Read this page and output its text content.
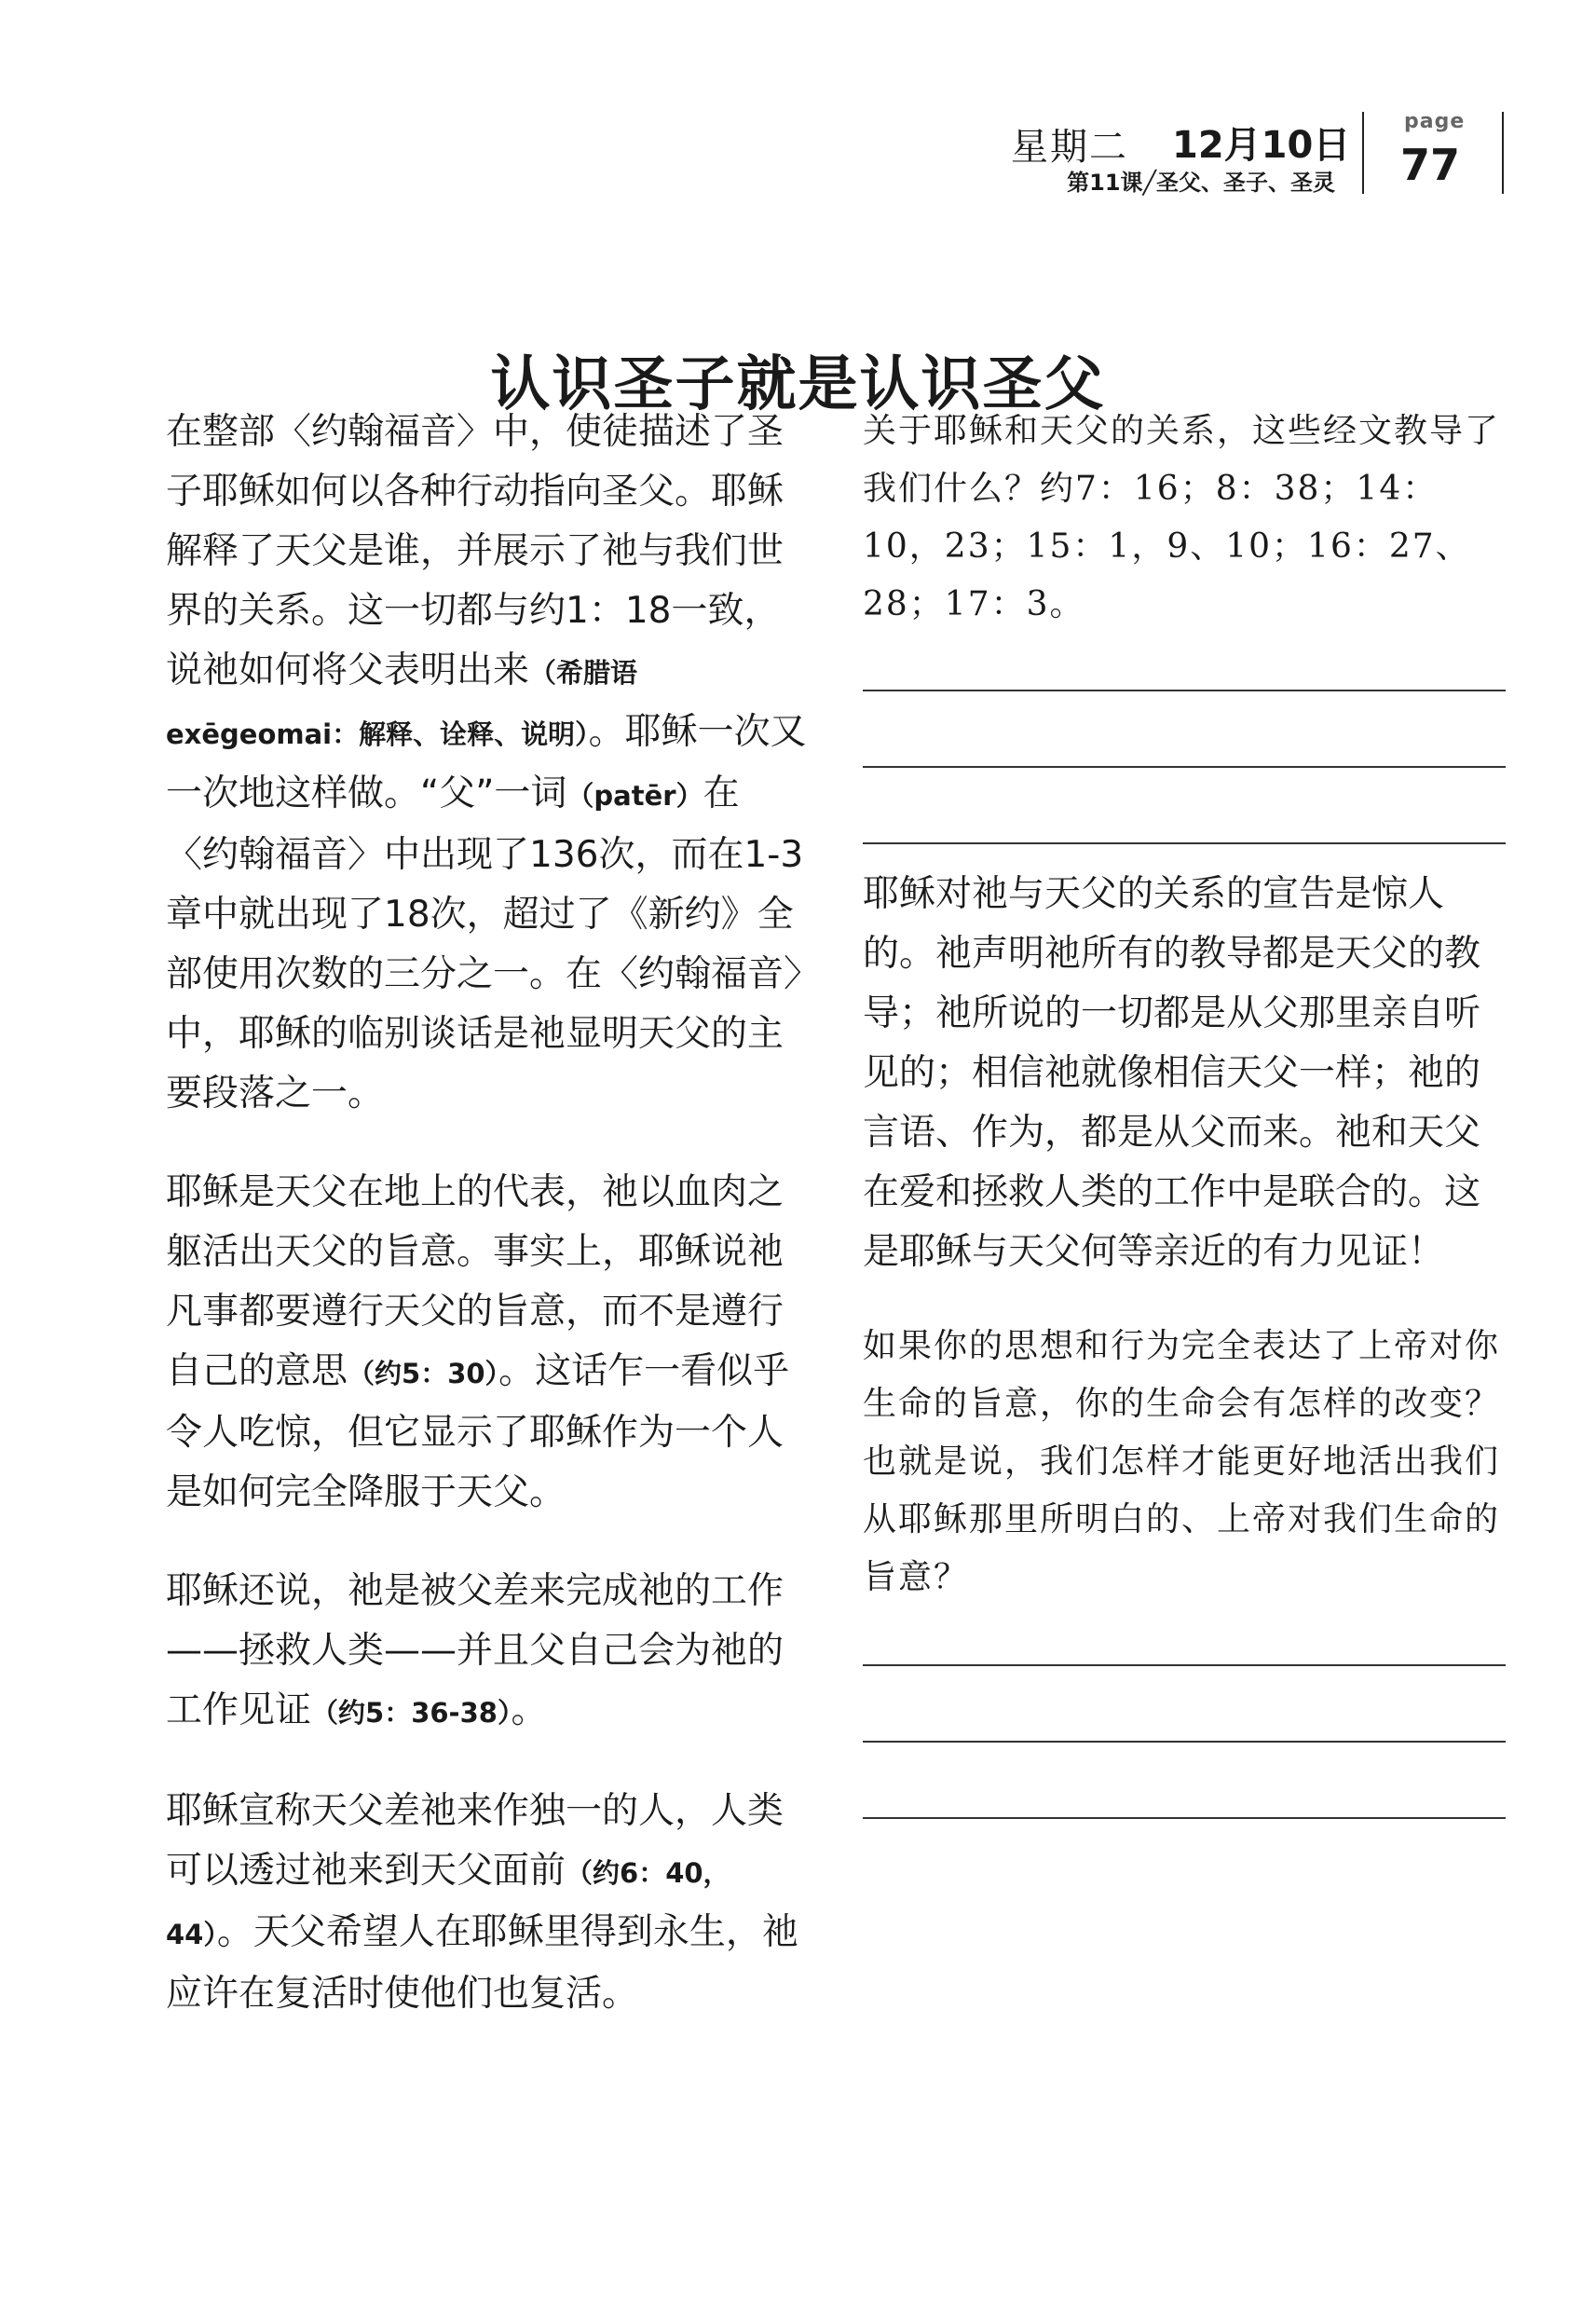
星期二 12月10日
第11课╱圣父、圣子、圣灵
page
77
认识圣子就是认识圣父

在整部〈约翰福音〉中，使徒描述了圣子耶稣如何以各种行动指向圣父。耶稣解释了天父是谁，并展示了祂与我们世界的关系。这一切都与约1：18一致，说祂如何将父表明出来（希腊语exēgeomai：解释、诠释、说明）。耶稣一次又一次地这样做。“父”一词（patēr）在〈约翰福音〉中出现了136次，而在1-3章中就出现了18次，超过了《新约》全部使用次数的三分之一。在〈约翰福音〉中，耶稣的临别谈话是祂显明天父的主要段落之一。

耶稣是天父在地上的代表，祂以血肉之躯活出天父的旨意。事实上，耶稣说祂凡事都要遵行天父的旨意，而不是遵行自己的意思（约5：30）。这话乍一看似乎令人吃惊，但它显示了耶稣作为一个人是如何完全降服于天父。

耶稣还说，祂是被父差来完成祂的工作——拯救人类——并且父自己会为祂的工作见证（约5：36-38）。

耶稣宣称天父差祂来作独一的人，人类可以透过祂来到天父面前（约6：40，44）。天父希望人在耶稣里得到永生，祂应许在复活时使他们也复活。

关于耶稣和天父的关系，这些经文教导了我们什么？约7：16；8：38；14：10，23；15：1，9、10；16：27、28；17：3。

耶稣对祂与天父的关系的宣告是惊人的。祂声明祂所有的教导都是天父的教导；祂所说的一切都是从父那里亲自听见的；相信祂就像相信天父一样；祂的言语、作为，都是从父而来。祂和天父在爱和拯救人类的工作中是联合的。这是耶稣与天父何等亲近的有力见证！

如果你的思想和行为完全表达了上帝对你生命的旨意，你的生命会有怎样的改变？也就是说，我们怎样才能更好地活出我们从耶稣那里所明白的、上帝对我们生命的旨意？
